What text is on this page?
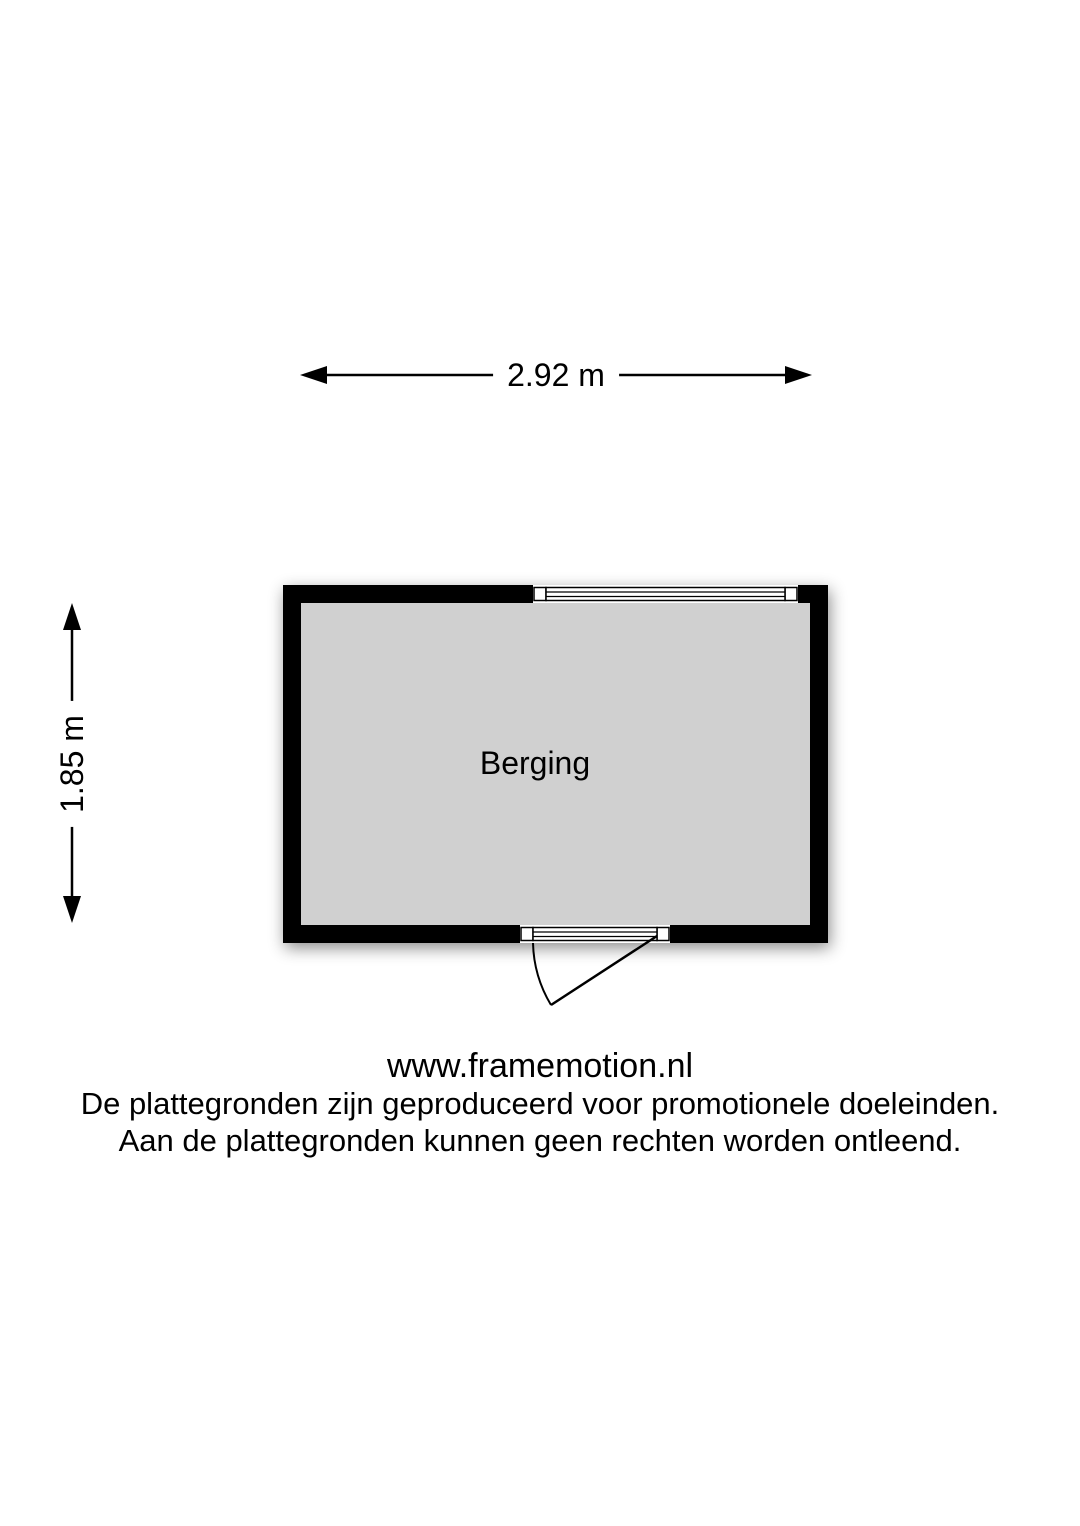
2.92 m
1.85 m	Berging
www.framemotion.nl
De plattegronden zijn geproduceerd voor promotionele doeleinden.
Aan de plattegronden kunnen geen rechten worden ontleend.
